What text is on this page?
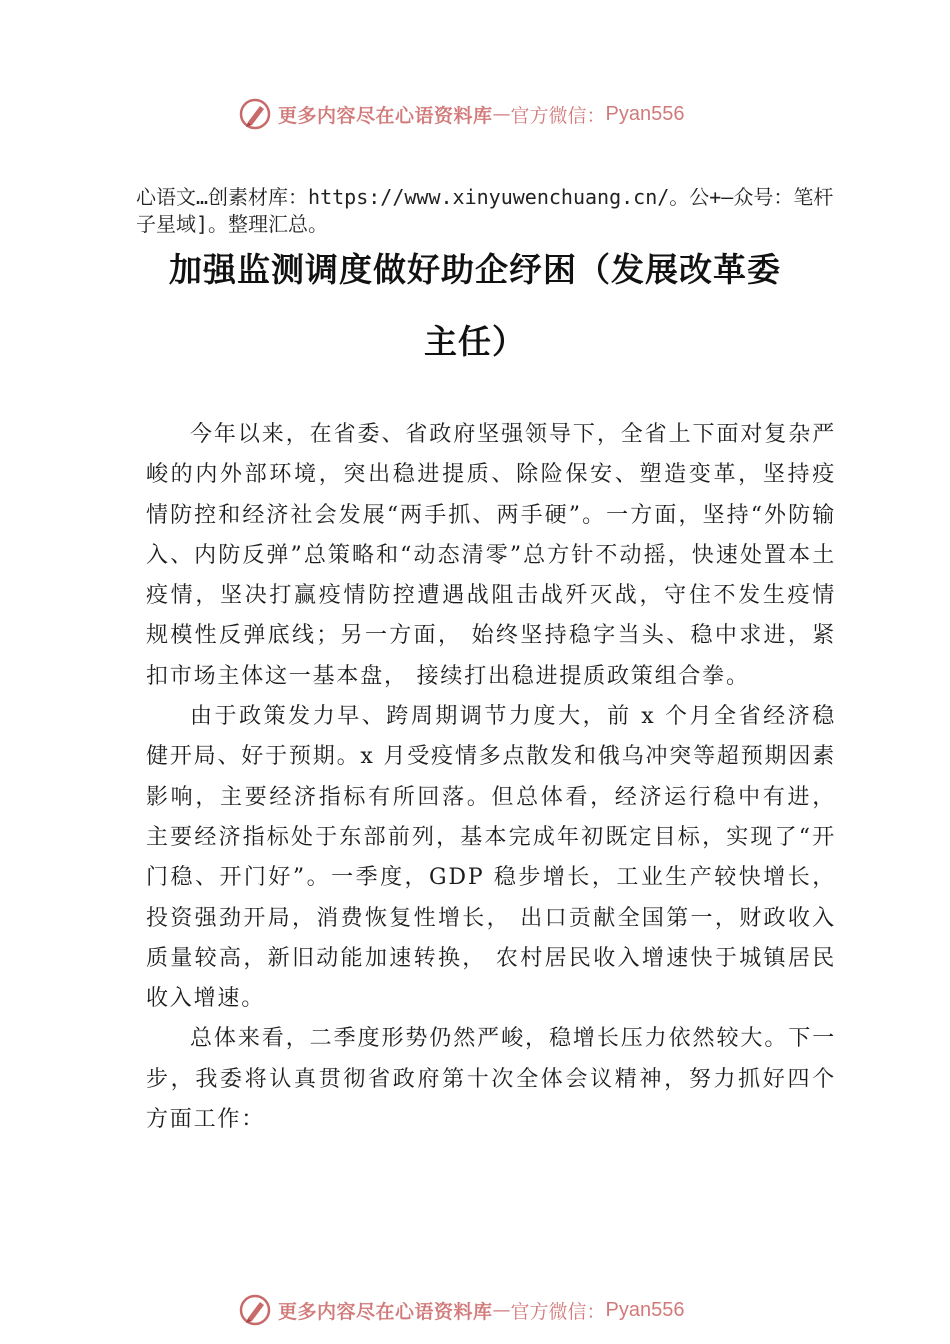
更多内容尽在心语资料库 — 官方微信： Pyan556
心语文…创素材库：https://www.xinyuwenchuang.cn/。公+—众号：笔杆子星域]。整理汇总。
加强监测调度做好助企纾困（发展改革委
主任）

今年以来，在省委、省政府坚强领导下，全省上下面对复杂严峻的内外部环境，突出稳进提质、除险保安、塑造变革，坚持疫情防控和经济社会发展“两手抓、两手硬”。一方面，坚持“外防输入、内防反弹”总策略和“动态清零”总方针不动摇，快速处置本土疫情，坚决打赢疫情防控遭遇战阻击战歼灭战，守住不发生疫情规模性反弹底线；另一方面， 始终坚持稳字当头、稳中求进，紧扣市场主体这一基本盘， 接续打出稳进提质政策组合拳。

由于政策发力早、跨周期调节力度大，前 x 个月全省经济稳健开局、好于预期。x 月受疫情多点散发和俄乌冲突等超预期因素影响，主要经济指标有所回落。但总体看，经济运行稳中有进，主要经济指标处于东部前列，基本完成年初既定目标，实现了“开门稳、开门好”。一季度，GDP 稳步增长，工业生产较快增长，投资强劲开局，消费恢复性增长， 出口贡献全国第一，财政收入质量较高，新旧动能加速转换， 农村居民收入增速快于城镇居民收入增速。

总体来看，二季度形势仍然严峻，稳增长压力依然较大。下一步，我委将认真贯彻省政府第十次全体会议精神，努力抓好四个方面工作：

更多内容尽在心语资料库 — 官方微信： Pyan556
